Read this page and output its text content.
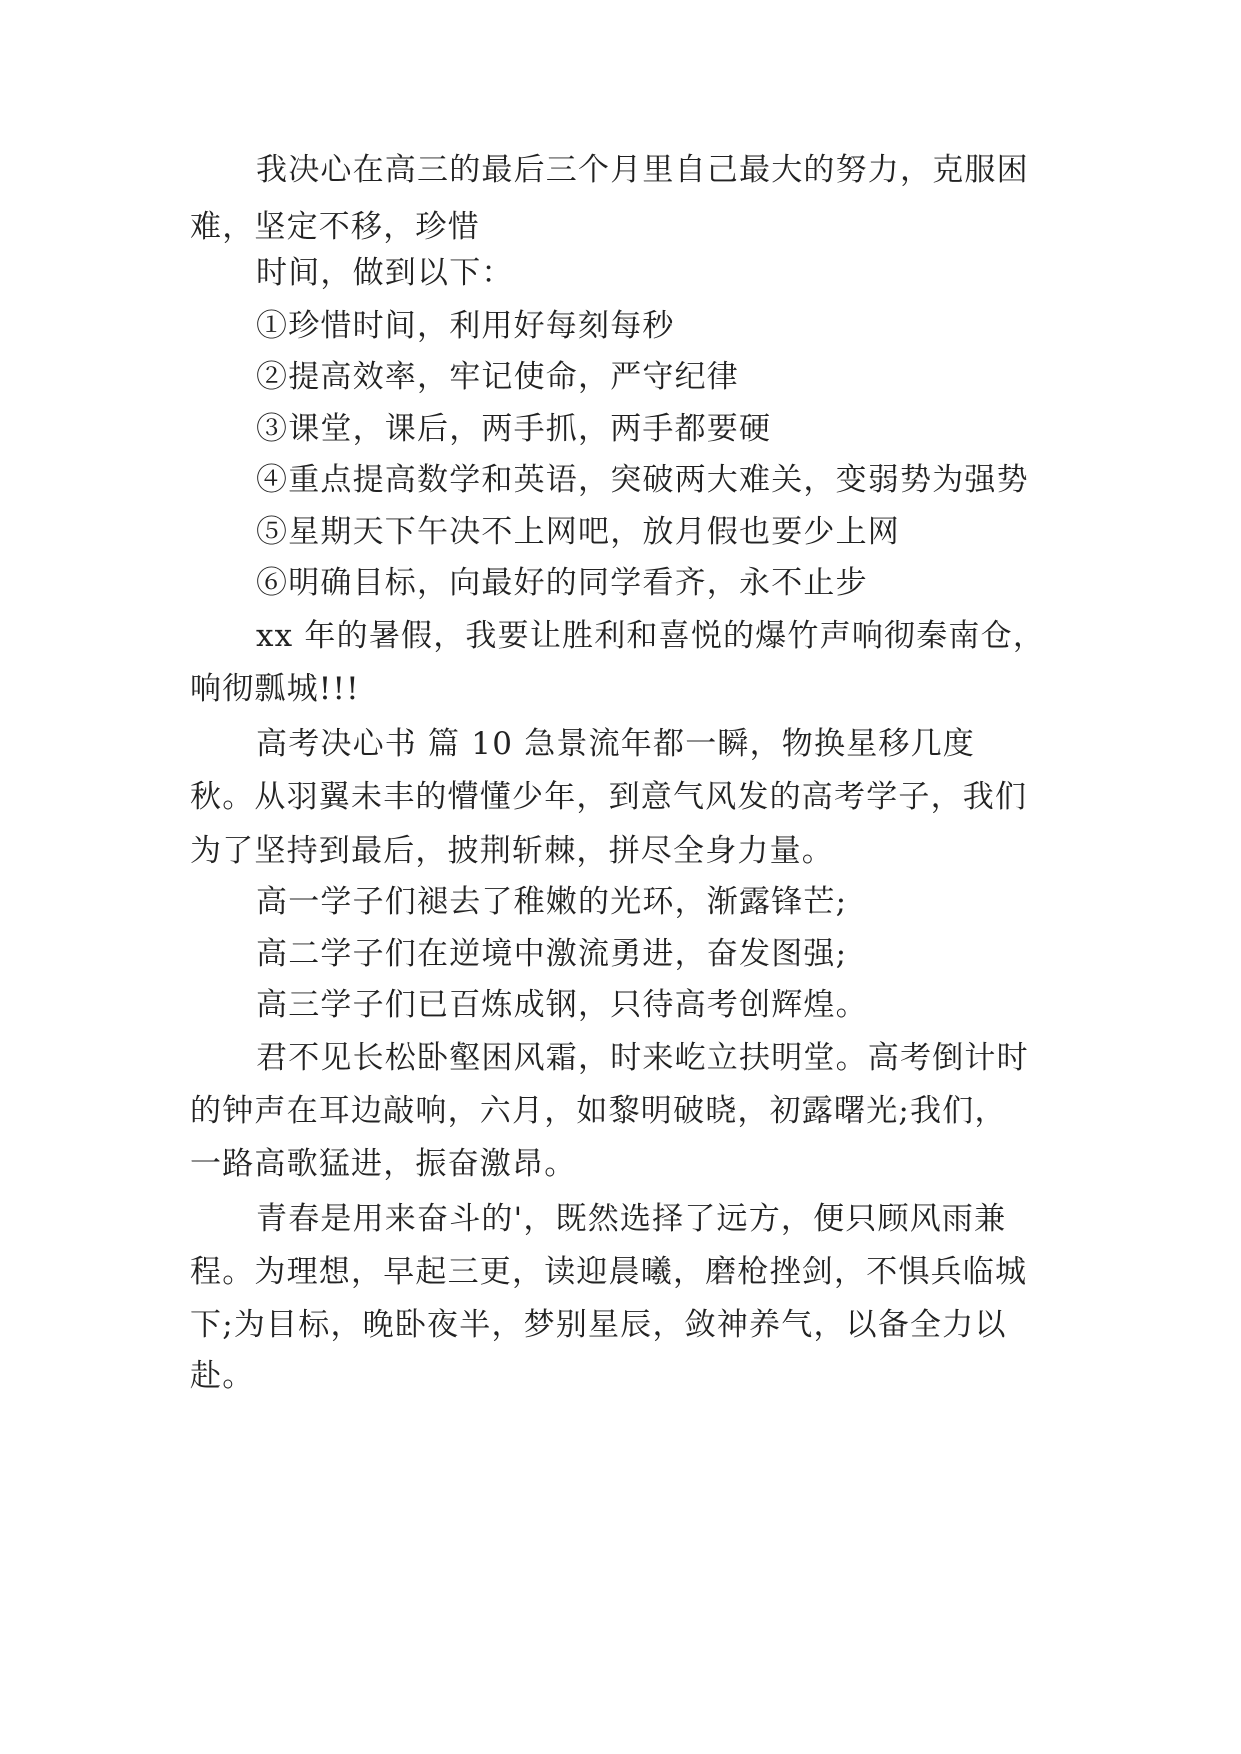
我决心在高三的最后三个月里自己最大的努力，克服困
难，坚定不移，珍惜
时间，做到以下：
①珍惜时间，利用好每刻每秒
②提高效率，牢记使命，严守纪律
③课堂，课后，两手抓，两手都要硬
④重点提高数学和英语，突破两大难关，变弱势为强势
⑤星期天下午决不上网吧，放月假也要少上网
⑥明确目标，向最好的同学看齐，永不止步
xx 年的暑假，我要让胜利和喜悦的爆竹声响彻秦南仓，
响彻瓢城!!!
高考决心书 篇 10 急景流年都一瞬，物换星移几度
秋。从羽翼未丰的懵懂少年，到意气风发的高考学子，我们
为了坚持到最后，披荆斩棘，拼尽全身力量。
高一学子们褪去了稚嫩的光环，渐露锋芒;
高二学子们在逆境中激流勇进，奋发图强;
高三学子们已百炼成钢，只待高考创辉煌。
君不见长松卧壑困风霜，时来屹立扶明堂。高考倒计时
的钟声在耳边敲响，六月，如黎明破晓，初露曙光;我们，
一路高歌猛进，振奋激昂。
青春是用来奋斗的'，既然选择了远方，便只顾风雨兼
程。为理想，早起三更，读迎晨曦，磨枪挫剑，不惧兵临城
下;为目标，晚卧夜半，梦别星辰，敛神养气，以备全力以
赴。
